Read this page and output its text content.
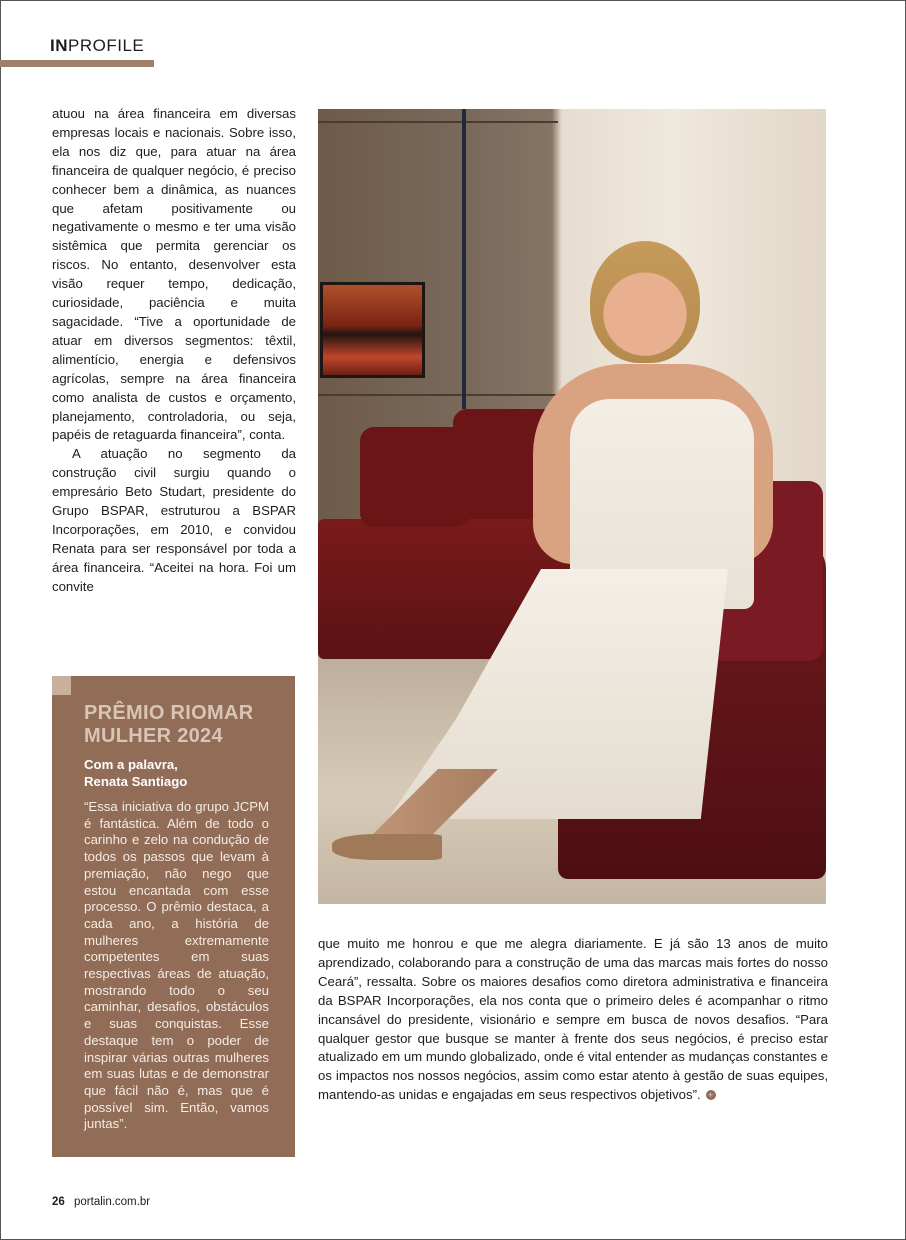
INPROFILE

atuou na área financeira em diversas empresas locais e nacionais. Sobre isso, ela nos diz que, para atuar na área financeira de qualquer negócio, é preciso conhecer bem a dinâmica, as nuances que afetam positivamente ou negativamente o mesmo e ter uma visão sistêmica que permita gerenciar os riscos. No entanto, desenvolver esta visão requer tempo, dedicação, curiosidade, paciência e muita sagacidade. “Tive a oportunidade de atuar em diversos segmentos: têxtil, alimentício, energia e defensivos agrícolas, sempre na área financeira como analista de custos e orçamento, planejamento, controladoria, ou seja, papéis de retaguarda financeira”, conta.

A atuação no segmento da construção civil surgiu quando o empresário Beto Studart, presidente do Grupo BSPAR, estruturou a BSPAR Incorporações, em 2010, e convidou Renata para ser responsável por toda a área financeira. “Aceitei na hora. Foi um convite

PRÊMIO RIOMAR MULHER 2024
Com a palavra,
Renata Santiago
“Essa iniciativa do grupo JCPM é fantástica. Além de todo o carinho e zelo na condução de todos os passos que levam à premiação, não nego que estou encantada com esse processo. O prêmio destaca, a cada ano, a história de mulheres extremamente competentes em suas respectivas áreas de atuação, mostrando todo o seu caminhar, desafios, obstáculos e suas conquistas. Esse destaque tem o poder de inspirar várias outras mulheres em suas lutas e de demonstrar que fácil não é, mas que é possível sim. Então, vamos juntas”.
que muito me honrou e que me alegra diariamente. E já são 13 anos de muito aprendizado, colaborando para a construção de uma das marcas mais fortes do nosso Ceará”, ressalta. Sobre os maiores desafios como diretora administrativa e financeira da BSPAR Incorporações, ela nos conta que o primeiro deles é acompanhar o ritmo incansável do presidente, visionário e sempre em busca de novos desafios. “Para qualquer gestor que busque se manter à frente dos seus negócios, é preciso estar atualizado em um mundo globalizado, onde é vital entender as mudanças constantes e os impactos nos nossos negócios, assim como estar atento à gestão de suas equipes, mantendo-as unidas e engajadas em seus respectivos objetivos”.+
26 portalin.com.br
